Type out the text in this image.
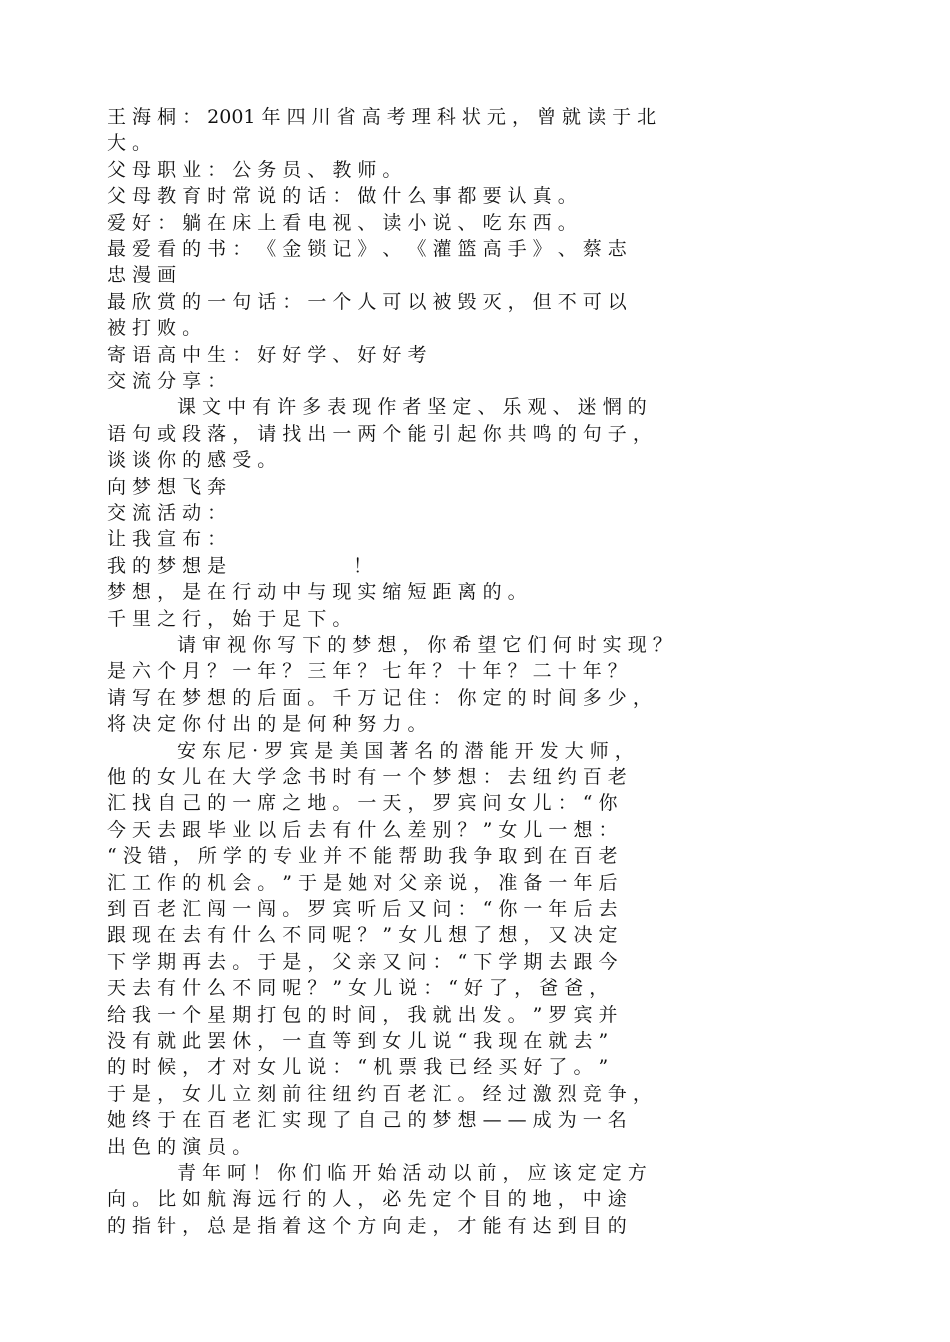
王 海 桐 ： 2001 年 四 川 省 高 考 理 科 状 元 ， 曾 就 读 于 北
大 。
父 母 职 业 ： 公 务 员 、 教 师 。
父 母 教 育 时 常 说 的 话 ： 做 什 么 事 都 要 认 真 。
爱 好 ： 躺 在 床 上 看 电 视 、 读 小 说 、 吃 东 西 。
最 爱 看 的 书 ： 《 金 锁 记 》 、 《 灌 篮 高 手 》 、 蔡 志
忠 漫 画
最 欣 赏 的 一 句 话 ： 一 个 人 可 以 被 毁 灭 ， 但 不 可 以
被 打 败 。
寄 语 高 中 生 ： 好 好 学 、 好 好 考
交 流 分 享 ：
课 文 中 有 许 多 表 现 作 者 坚 定 、 乐 观 、 迷 惘 的
语 句 或 段 落 ， 请 找 出 一 两 个 能 引 起 你 共 鸣 的 句 子 ，
谈 谈 你 的 感 受 。
向 梦 想 飞 奔
交 流 活 动 ：
让 我 宣 布 ：
我 的 梦 想 是                     ！
梦 想 ， 是 在 行 动 中 与 现 实 缩 短 距 离 的 。
千 里 之 行 ， 始 于 足 下 。
请 审 视 你 写 下 的 梦 想 ， 你 希 望 它 们 何 时 实 现 ？
是 六 个 月 ？ 一 年 ？ 三 年 ？ 七 年 ？ 十 年 ？ 二 十 年 ？
请 写 在 梦 想 的 后 面 。 千 万 记 住 ： 你 定 的 时 间 多 少 ，
将 决 定 你 付 出 的 是 何 种 努 力 。
安 东 尼 · 罗 宾 是 美 国 著 名 的 潜 能 开 发 大 师 ，
他 的 女 儿 在 大 学 念 书 时 有 一 个 梦 想 ： 去 纽 约 百 老
汇 找 自 己 的 一 席 之 地 。 一 天 ， 罗 宾 问 女 儿 ： “ 你
今 天 去 跟 毕 业 以 后 去 有 什 么 差 别 ？ ” 女 儿 一 想 ：
“ 没 错 ， 所 学 的 专 业 并 不 能 帮 助 我 争 取 到 在 百 老
汇 工 作 的 机 会 。 ” 于 是 她 对 父 亲 说 ， 准 备 一 年 后
到 百 老 汇 闯 一 闯 。 罗 宾 听 后 又 问 ： “ 你 一 年 后 去
跟 现 在 去 有 什 么 不 同 呢 ？ ” 女 儿 想 了 想 ， 又 决 定
下 学 期 再 去 。 于 是 ， 父 亲 又 问 ： “ 下 学 期 去 跟 今
天 去 有 什 么 不 同 呢 ？ ” 女 儿 说 ： “ 好 了 ， 爸 爸 ，
给 我 一 个 星 期 打 包 的 时 间 ， 我 就 出 发 。 ” 罗 宾 并
没 有 就 此 罢 休 ， 一 直 等 到 女 儿 说 “ 我 现 在 就 去 ”
的 时 候 ， 才 对 女 儿 说 ： “ 机 票 我 已 经 买 好 了 。 ”
于 是 ， 女 儿 立 刻 前 往 纽 约 百 老 汇 。 经 过 激 烈 竞 争 ，
她 终 于 在 百 老 汇 实 现 了 自 己 的 梦 想 — — 成 为 一 名
出 色 的 演 员 。
青 年 呵 ！ 你 们 临 开 始 活 动 以 前 ， 应 该 定 定 方
向 。 比 如 航 海 远 行 的 人 ， 必 先 定 个 目 的 地 ， 中 途
的 指 针 ， 总 是 指 着 这 个 方 向 走 ， 才 能 有 达 到 目 的
